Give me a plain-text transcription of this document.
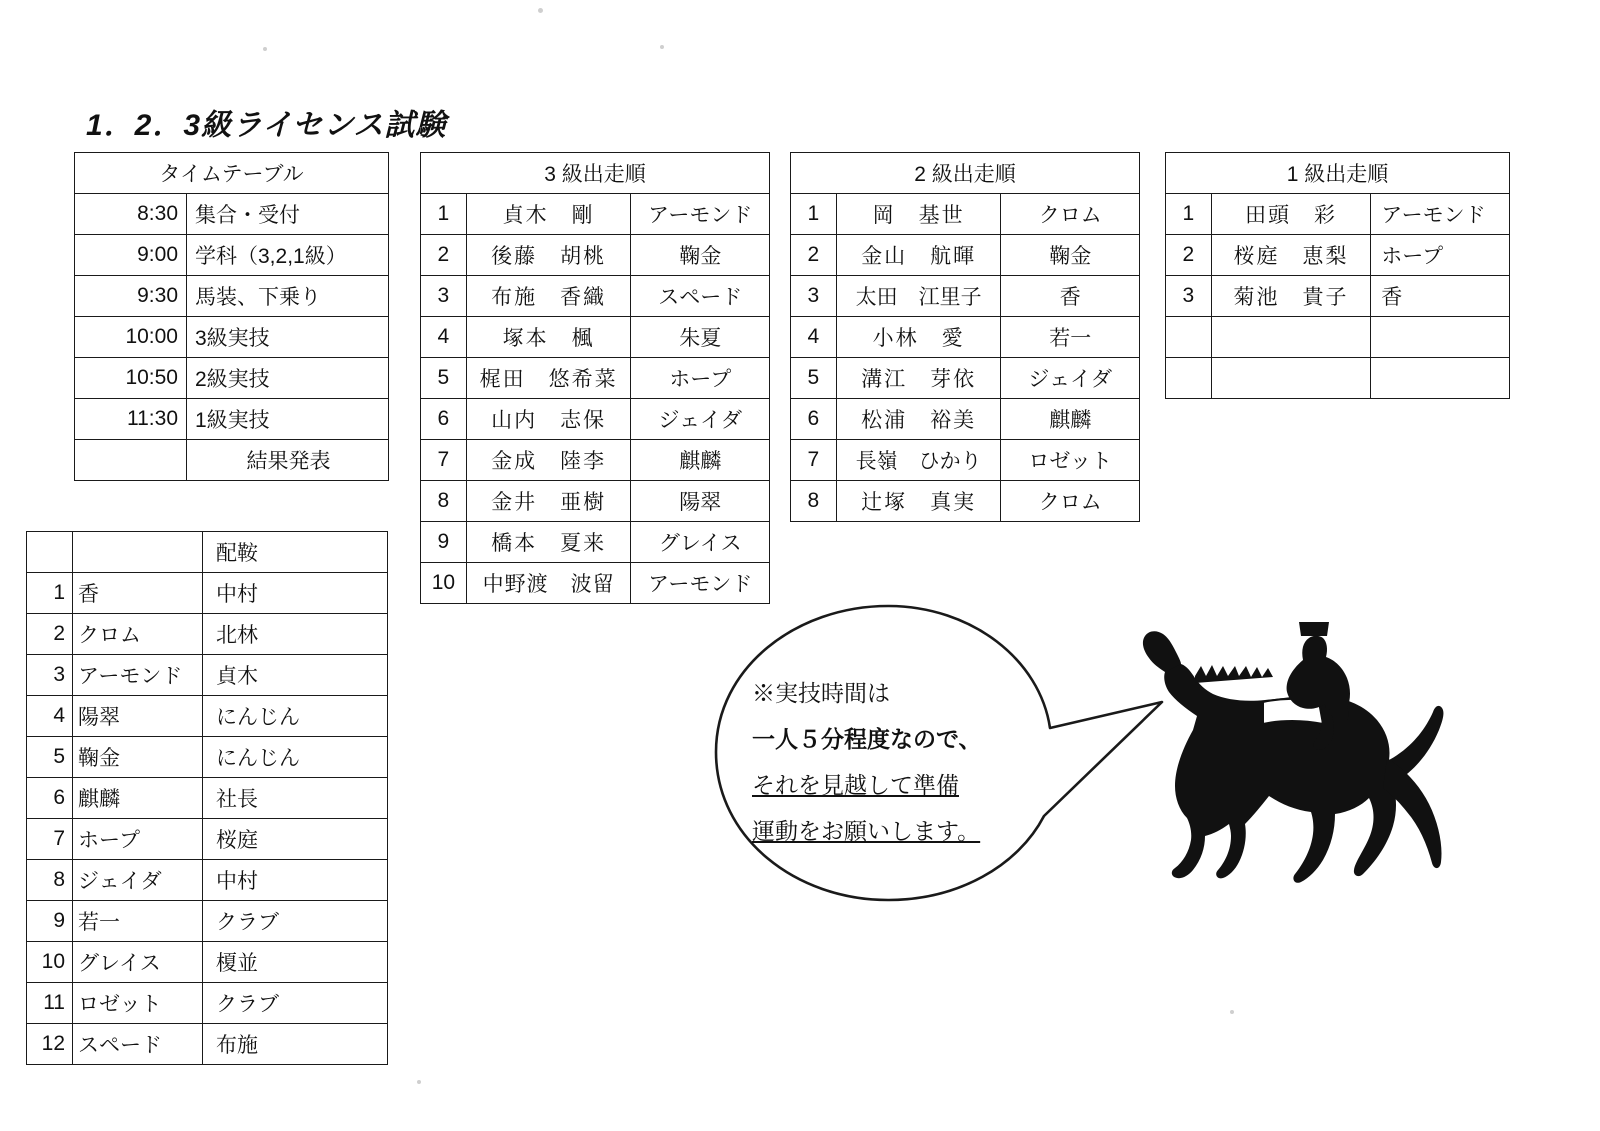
1．2．3級ライセンス試験
タイムテーブル	
8:30	集合・受付
9:00	学科（3,2,1級）
9:30	馬装、下乗り
10:00	3級実技
10:50	2級実技
11:30	1級実技
	結果発表
		配鞍
1	香	中村
2	クロム	北林
3	アーモンド	貞木
4	陽翠	にんじん
5	鞠金	にんじん
6	麒麟	社長
7	ホープ	桜庭
8	ジェイダ	中村
9	若一	クラブ
10	グレイス	榎並
11	ロゼット	クラブ
12	スペード	布施
3 級出走順		
1	貞木　剛	アーモンド
2	後藤　胡桃	鞠金
3	布施　香織	スペード
4	塚本　楓	朱夏
5	梶田　悠希菜	ホープ
6	山内　志保	ジェイダ
7	金成　陸李	麒麟
8	金井　亜樹	陽翠
9	橋本　夏来	グレイス
10	中野渡　波留	アーモンド
2 級出走順		
1	岡　基世	クロム
2	金山　航暉	鞠金
3	太田　江里子	香
4	小林　愛	若一
5	溝江　芽依	ジェイダ
6	松浦　裕美	麒麟
7	長嶺　ひかり	ロゼット
8	辻塚　真実	クロム
1 級出走順		
1	田頭　彩	アーモンド
2	桜庭　恵梨	ホープ
3	菊池　貴子	香

※実技時間は
一人５分程度なので、
それを見越して準備
運動をお願いします。
